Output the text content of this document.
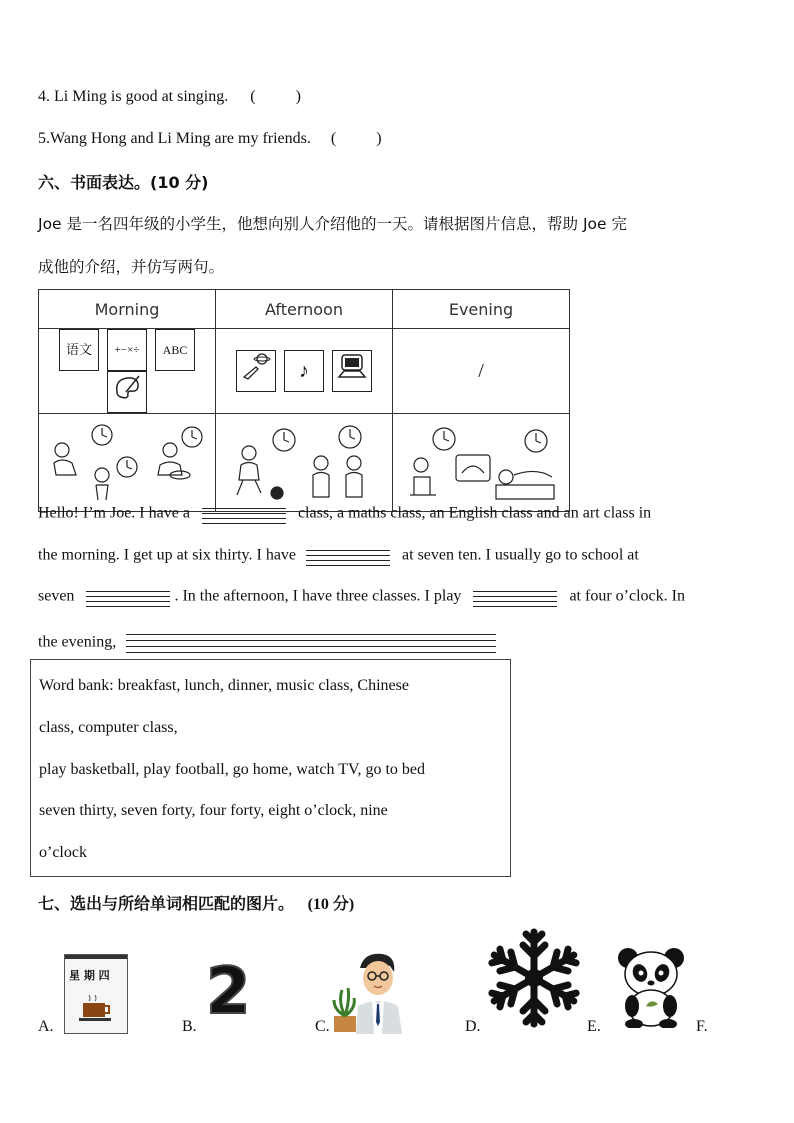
4. Li Ming is good at singing. (          )
5.Wang Hong and Li Ming are my friends. (          )
六、书面表达。(10 分)
Joe 是一名四年级的小学生，他想向别人介绍他的一天。请根据图片信息，帮助 Joe 完
成他的介绍，并仿写两句。
Morning	Afternoon	Evening
语文 +−×÷ ABC	♪	/

Hello! I’m Joe. I have a	class, a maths class, an English class and an art class in
the morning. I get up at six thirty. I have	at seven ten. I usually go to school at
seven	. In the afternoon, I have three classes. I play	at four o’clock. In
the evening,
Word bank: breakfast, lunch, dinner, music class, Chinese
class, computer class,
play basketball, play football, go home, watch TV, go to bed
seven thirty, seven forty, four forty, eight o’clock, nine
o’clock
七、选出与所给单词相匹配的图片。 (10 分)
星 期 四 2
A.	B.	C.	D.	E.	F.
